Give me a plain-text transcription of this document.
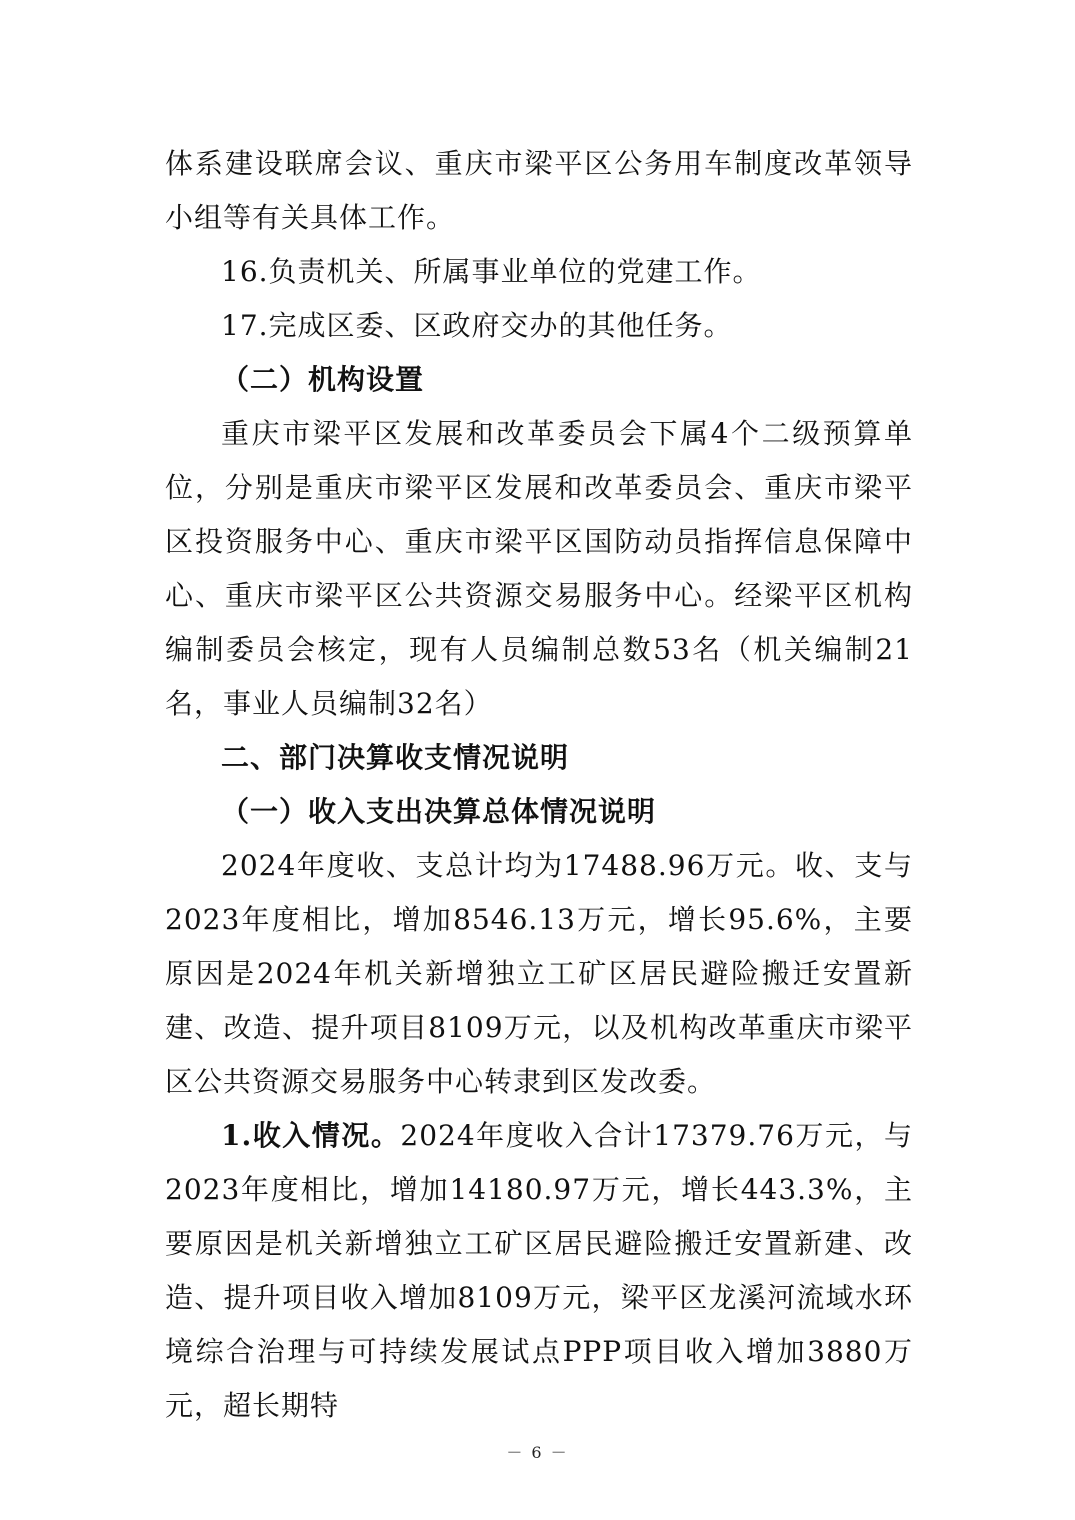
体系建设联席会议、重庆市梁平区公务用车制度改革领导小组等有关具体工作。

16.负责机关、所属事业单位的党建工作。

17.完成区委、区政府交办的其他任务。

（二）机构设置

重庆市梁平区发展和改革委员会下属4个二级预算单位，分别是重庆市梁平区发展和改革委员会、重庆市梁平区投资服务中心、重庆市梁平区国防动员指挥信息保障中心、重庆市梁平区公共资源交易服务中心。经梁平区机构编制委员会核定，现有人员编制总数53名（机关编制21名，事业人员编制32名）

二、部门决算收支情况说明

（一）收入支出决算总体情况说明

2024年度收、支总计均为17488.96万元。收、支与2023年度相比，增加8546.13万元，增长95.6%，主要原因是2024年机关新增独立工矿区居民避险搬迁安置新建、改造、提升项目8109万元，以及机构改革重庆市梁平区公共资源交易服务中心转隶到区发改委。

1.收入情况。2024年度收入合计17379.76万元，与2023年度相比，增加14180.97万元，增长443.3%，主要原因是机关新增独立工矿区居民避险搬迁安置新建、改造、提升项目收入增加8109万元，梁平区龙溪河流域水环境综合治理与可持续发展试点PPP项目收入增加3880万元，超长期特

－ 6 －
